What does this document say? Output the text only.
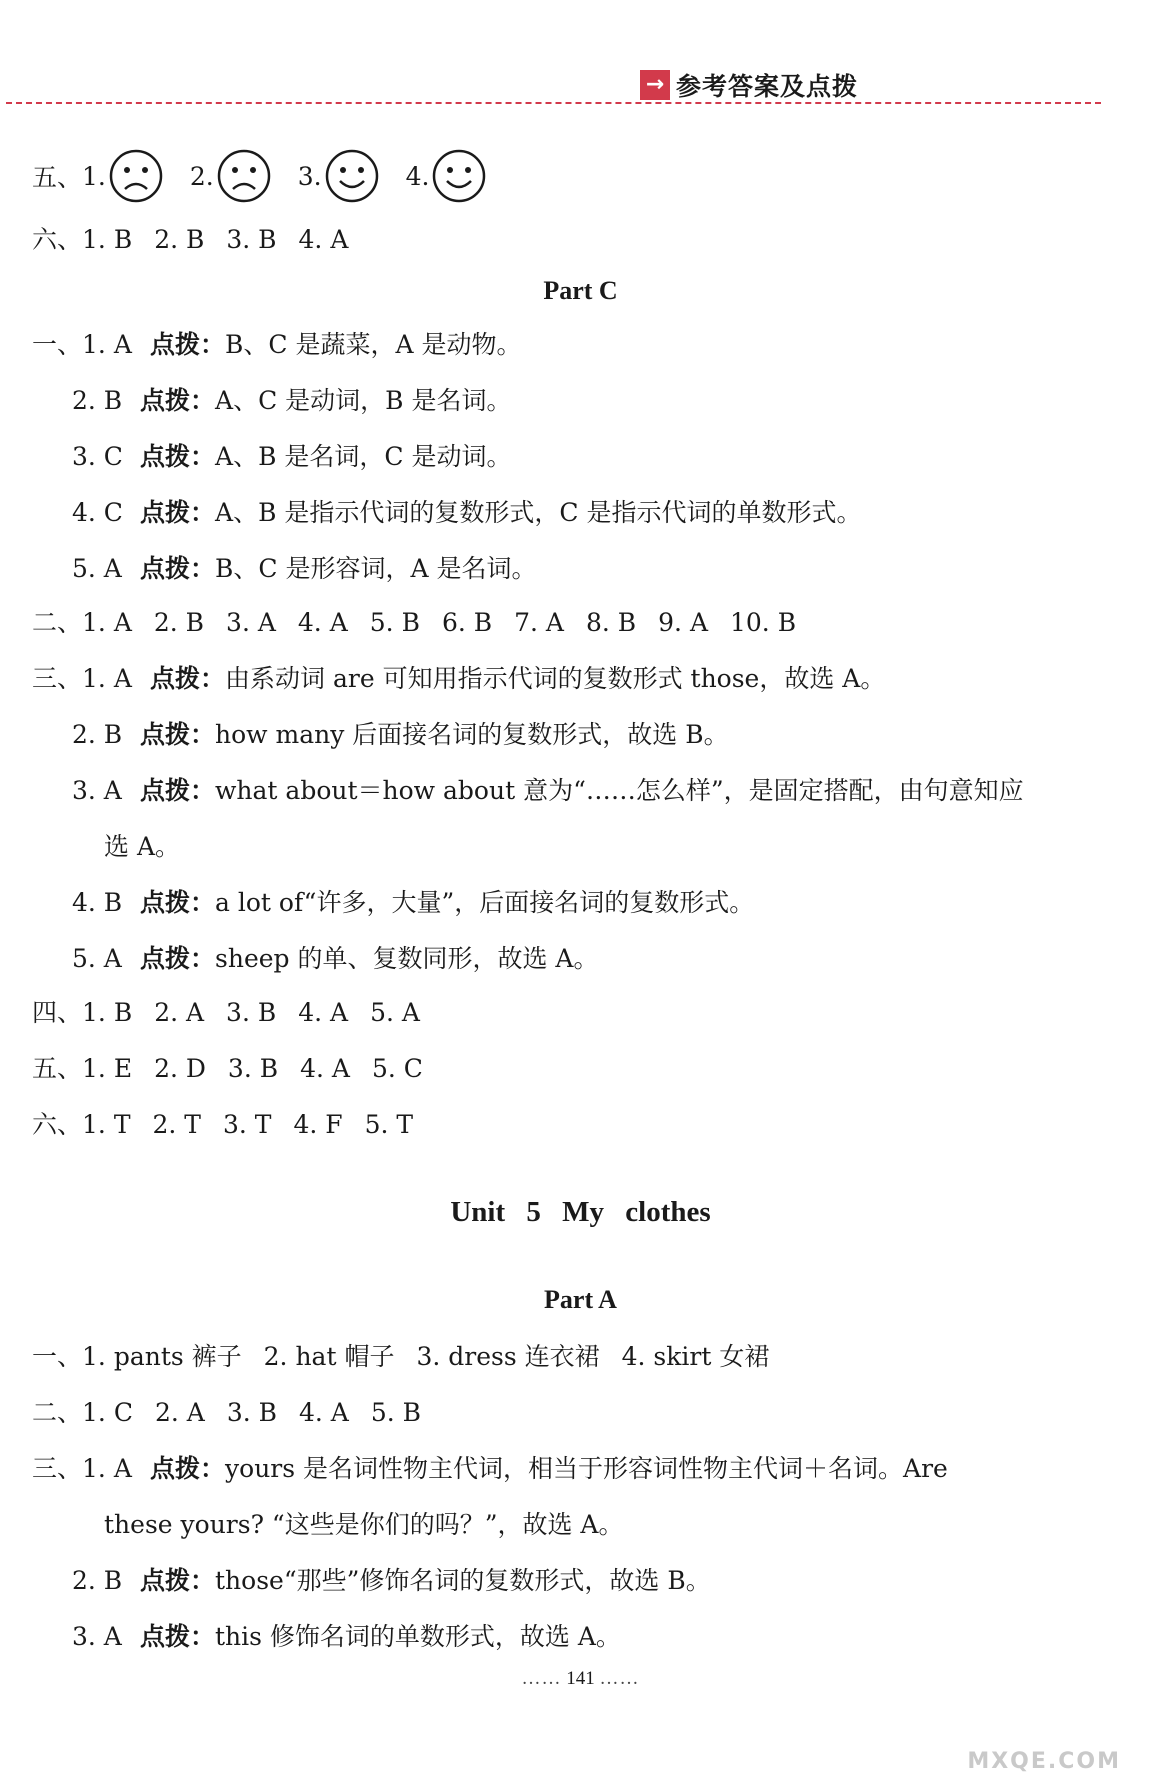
→ 参考答案及点拨
五、 1.	2.	3.	4.
六、1. B 2. B 3. B 4. A
Part C
一、1. A 点拨：B、C 是蔬菜，A 是动物。
2. B 点拨：A、C 是动词，B 是名词。
3. C 点拨：A、B 是名词，C 是动词。
4. C 点拨：A、B 是指示代词的复数形式，C 是指示代词的单数形式。
5. A 点拨：B、C 是形容词，A 是名词。
二、1. A 2. B 3. A 4. A 5. B 6. B 7. A 8. B 9. A 10. B
三、1. A 点拨：由系动词 are 可知用指示代词的复数形式 those，故选 A。
2. B 点拨：how many 后面接名词的复数形式，故选 B。
3. A 点拨：what about＝how about 意为“……怎么样”，是固定搭配，由句意知应
选 A。
4. B 点拨：a lot of“许多，大量”，后面接名词的复数形式。
5. A 点拨：sheep 的单、复数同形，故选 A。
四、1. B 2. A 3. B 4. A 5. A
五、1. E 2. D 3. B 4. A 5. C
六、1. T 2. T 3. T 4. F 5. T
Unit 5 My clothes
Part A
一、1. pants 裤子 2. hat 帽子 3. dress 连衣裙 4. skirt 女裙
二、1. C 2. A 3. B 4. A 5. B
三、1. A 点拨：yours 是名词性物主代词，相当于形容词性物主代词＋名词。Are
these yours? “这些是你们的吗？”，故选 A。
2. B 点拨：those“那些”修饰名词的复数形式，故选 B。
3. A 点拨：this 修饰名词的单数形式，故选 A。
…… 141 ……
MXQE.COM
